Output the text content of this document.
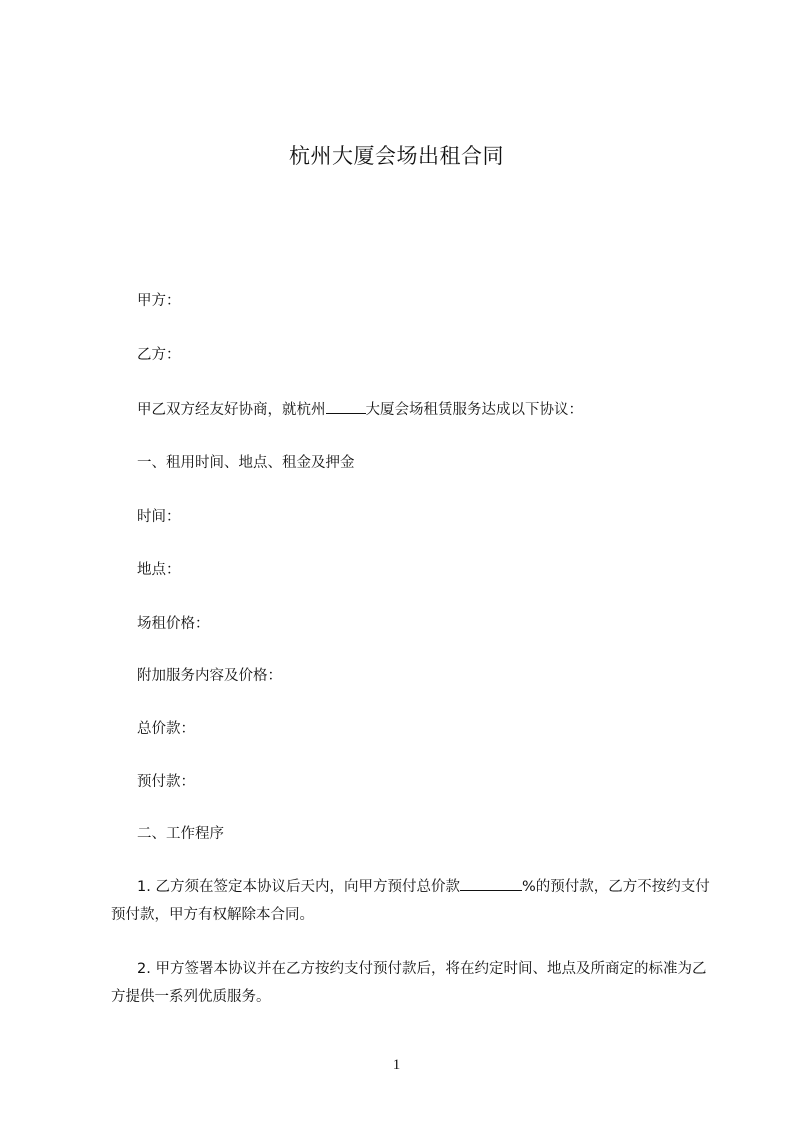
杭州大厦会场出租合同
甲方：
乙方：
甲乙双方经友好协商，就杭州	大厦会场租赁服务达成以下协议：
一、租用时间、地点、租金及押金
时间：
地点：
场租价格：
附加服务内容及价格：
总价款：
预付款：
二、工作程序
1. 乙方须在签定本协议后天内，向甲方预付总价款	%的预付款，乙方不按约支付预付款，甲方有权解除本合同。
2. 甲方签署本协议并在乙方按约支付预付款后，将在约定时间、地点及所商定的标准为乙方提供一系列优质服务。
1
